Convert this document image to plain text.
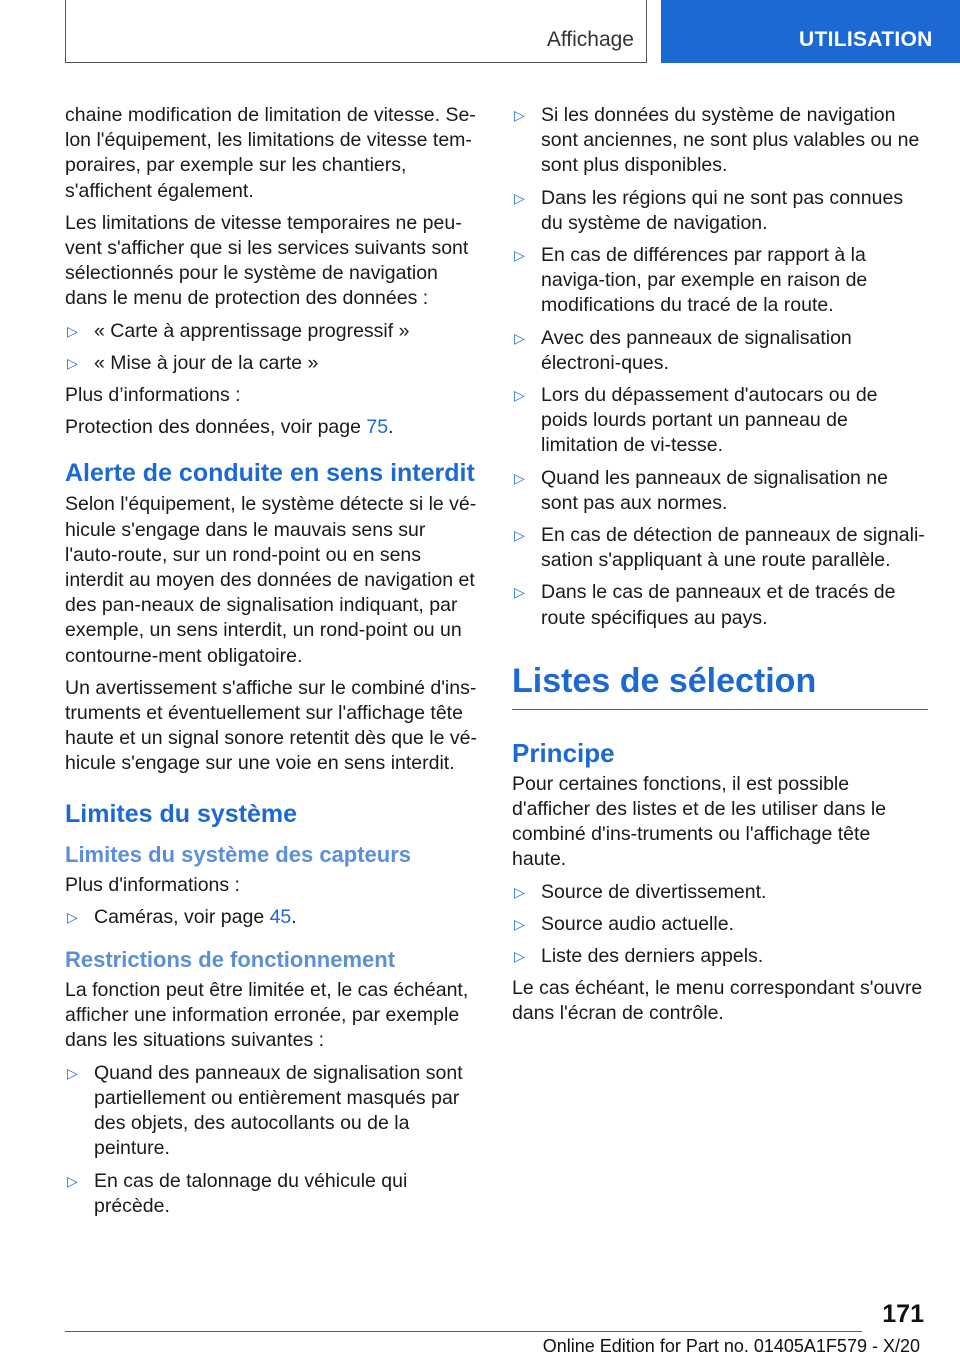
Affichage	UTILISATION

chaine modification de limitation de vitesse. Se-lon l'équipement, les limitations de vitesse tem-poraires, par exemple sur les chantiers, s'affichent également.

Les limitations de vitesse temporaires ne peu-vent s'afficher que si les services suivants sont sélectionnés pour le système de navigation dans le menu de protection des données :

▷ « Carte à apprentissage progressif »
▷ « Mise à jour de la carte »

Plus d’informations :

Protection des données, voir page 75.

Alerte de conduite en sens interdit

Selon l'équipement, le système détecte si le vé-hicule s'engage dans le mauvais sens sur l'auto-route, sur un rond-point ou en sens interdit au moyen des données de navigation et des pan-neaux de signalisation indiquant, par exemple, un sens interdit, un rond-point ou un contourne-ment obligatoire.

Un avertissement s'affiche sur le combiné d'ins-truments et éventuellement sur l'affichage tête haute et un signal sonore retentit dès que le vé-hicule s'engage sur une voie en sens interdit.

Limites du système
Limites du système des capteurs

Plus d'informations :

▷ Caméras, voir page 45.
Restrictions de fonctionnement

La fonction peut être limitée et, le cas échéant, afficher une information erronée, par exemple dans les situations suivantes :

▷ Quand des panneaux de signalisation sont partiellement ou entièrement masqués par des objets, des autocollants ou de la peinture.
▷ En cas de talonnage du véhicule qui précède.
▷ Si les données du système de navigation sont anciennes, ne sont plus valables ou ne sont plus disponibles.
▷ Dans les régions qui ne sont pas connues du système de navigation.
▷ En cas de différences par rapport à la naviga-tion, par exemple en raison de modifications du tracé de la route.
▷ Avec des panneaux de signalisation électroni-ques.
▷ Lors du dépassement d'autocars ou de poids lourds portant un panneau de limitation de vi-tesse.
▷ Quand les panneaux de signalisation ne sont pas aux normes.
▷ En cas de détection de panneaux de signali-sation s'appliquant à une route parallèle.
▷ Dans le cas de panneaux et de tracés de route spécifiques au pays.
Listes de sélection
Principe

Pour certaines fonctions, il est possible d'afficher des listes et de les utiliser dans le combiné d'ins-truments ou l'affichage tête haute.

▷ Source de divertissement.
▷ Source audio actuelle.
▷ Liste des derniers appels.

Le cas échéant, le menu correspondant s'ouvre dans l'écran de contrôle.

171
Online Edition for Part no. 01405A1F579 - X/20
